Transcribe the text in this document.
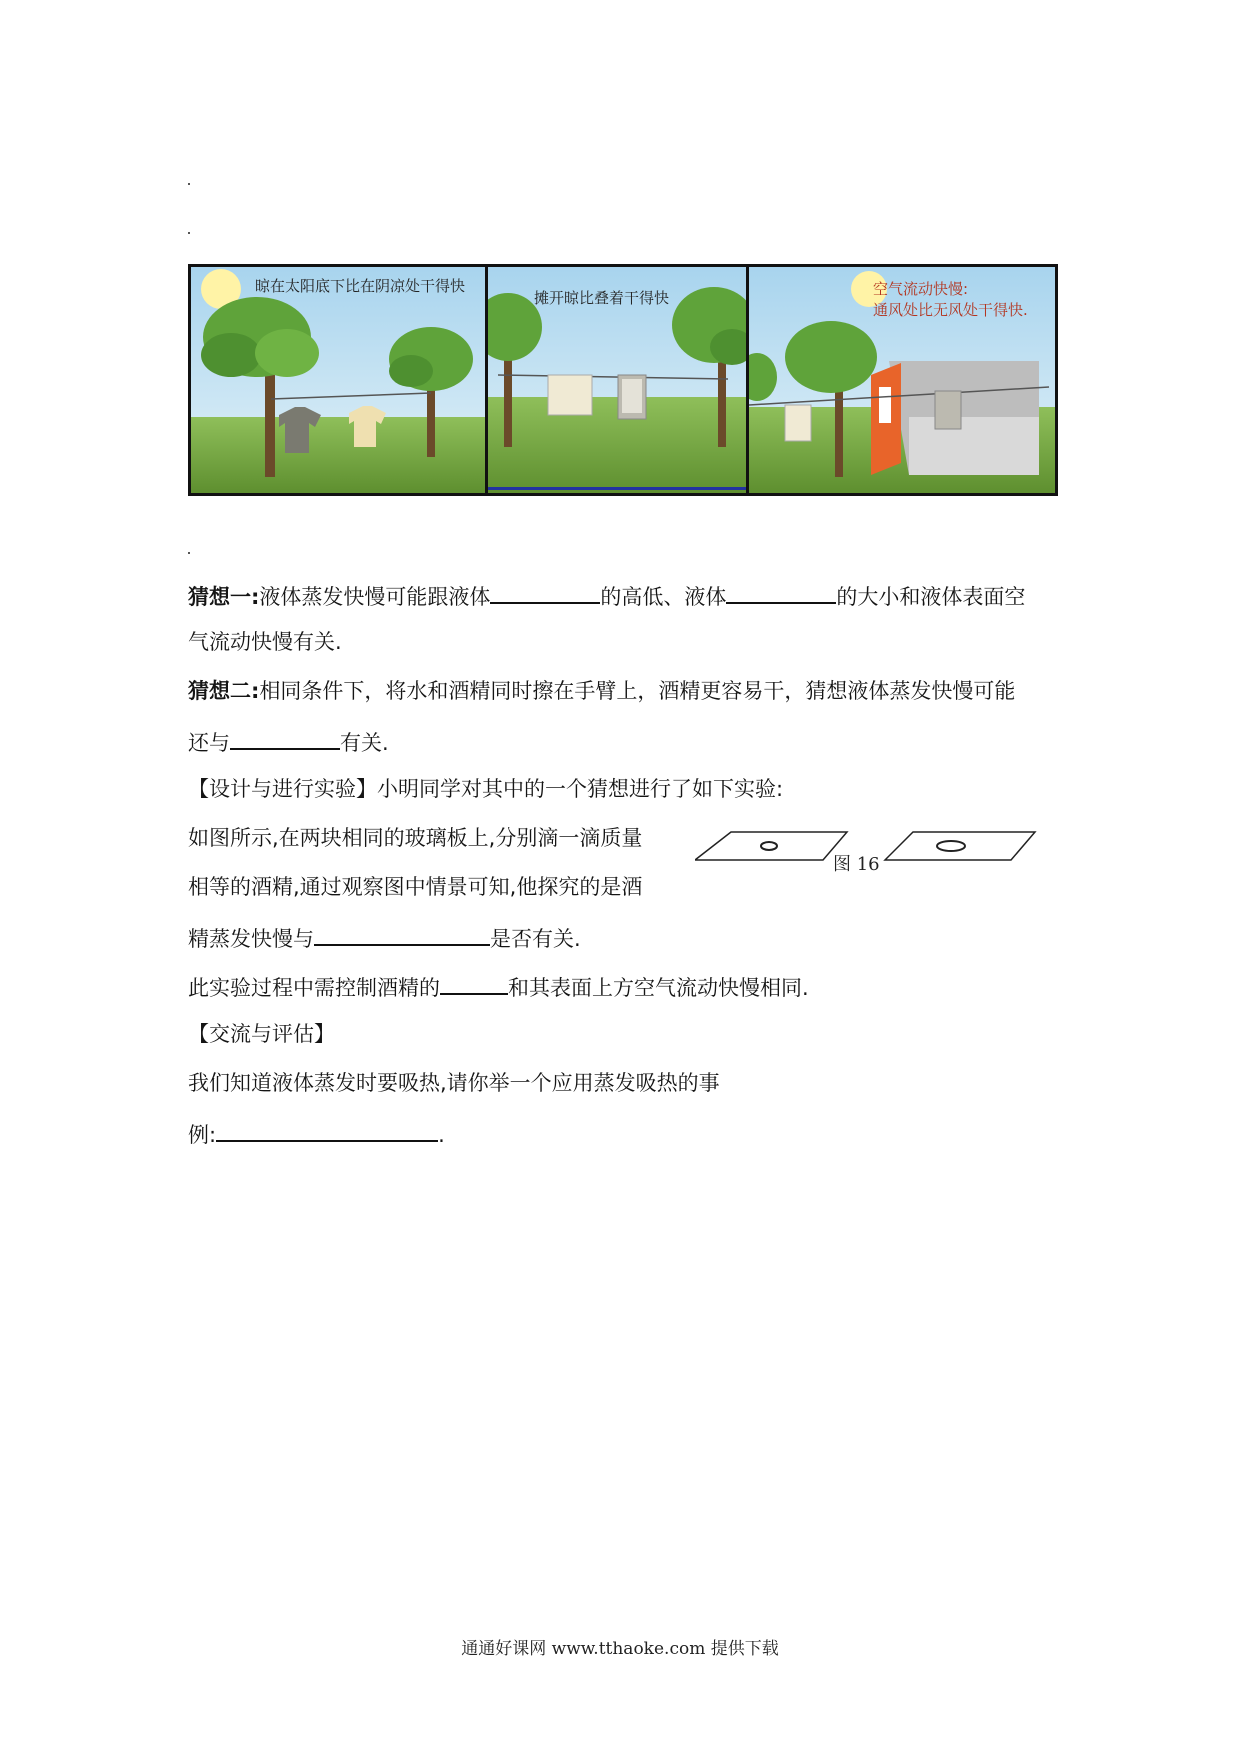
晾在太阳底下比在阴凉处干得快
摊开晾比叠着干得快	空气流动快慢:
通风处比无风处干得快.
猜想一:液体蒸发快慢可能跟液体	的高低、液体	的大小和液体表面空
气流动快慢有关.
猜想二:相同条件下，将水和酒精同时擦在手臂上，酒精更容易干，猜想液体蒸发快慢可能
还与	有关.
【设计与进行实验】小明同学对其中的一个猜想进行了如下实验:
如图所示,在两块相同的玻璃板上,分别滴一滴质量
相等的酒精,通过观察图中情景可知,他探究的是酒
精蒸发快慢与	是否有关.
此实验过程中需控制酒精的	和其表面上方空气流动快慢相同.
图 16
【交流与评估】
我们知道液体蒸发时要吸热,请你举一个应用蒸发吸热的事
例:	.
通通好课网 www.tthaoke.com 提供下载
